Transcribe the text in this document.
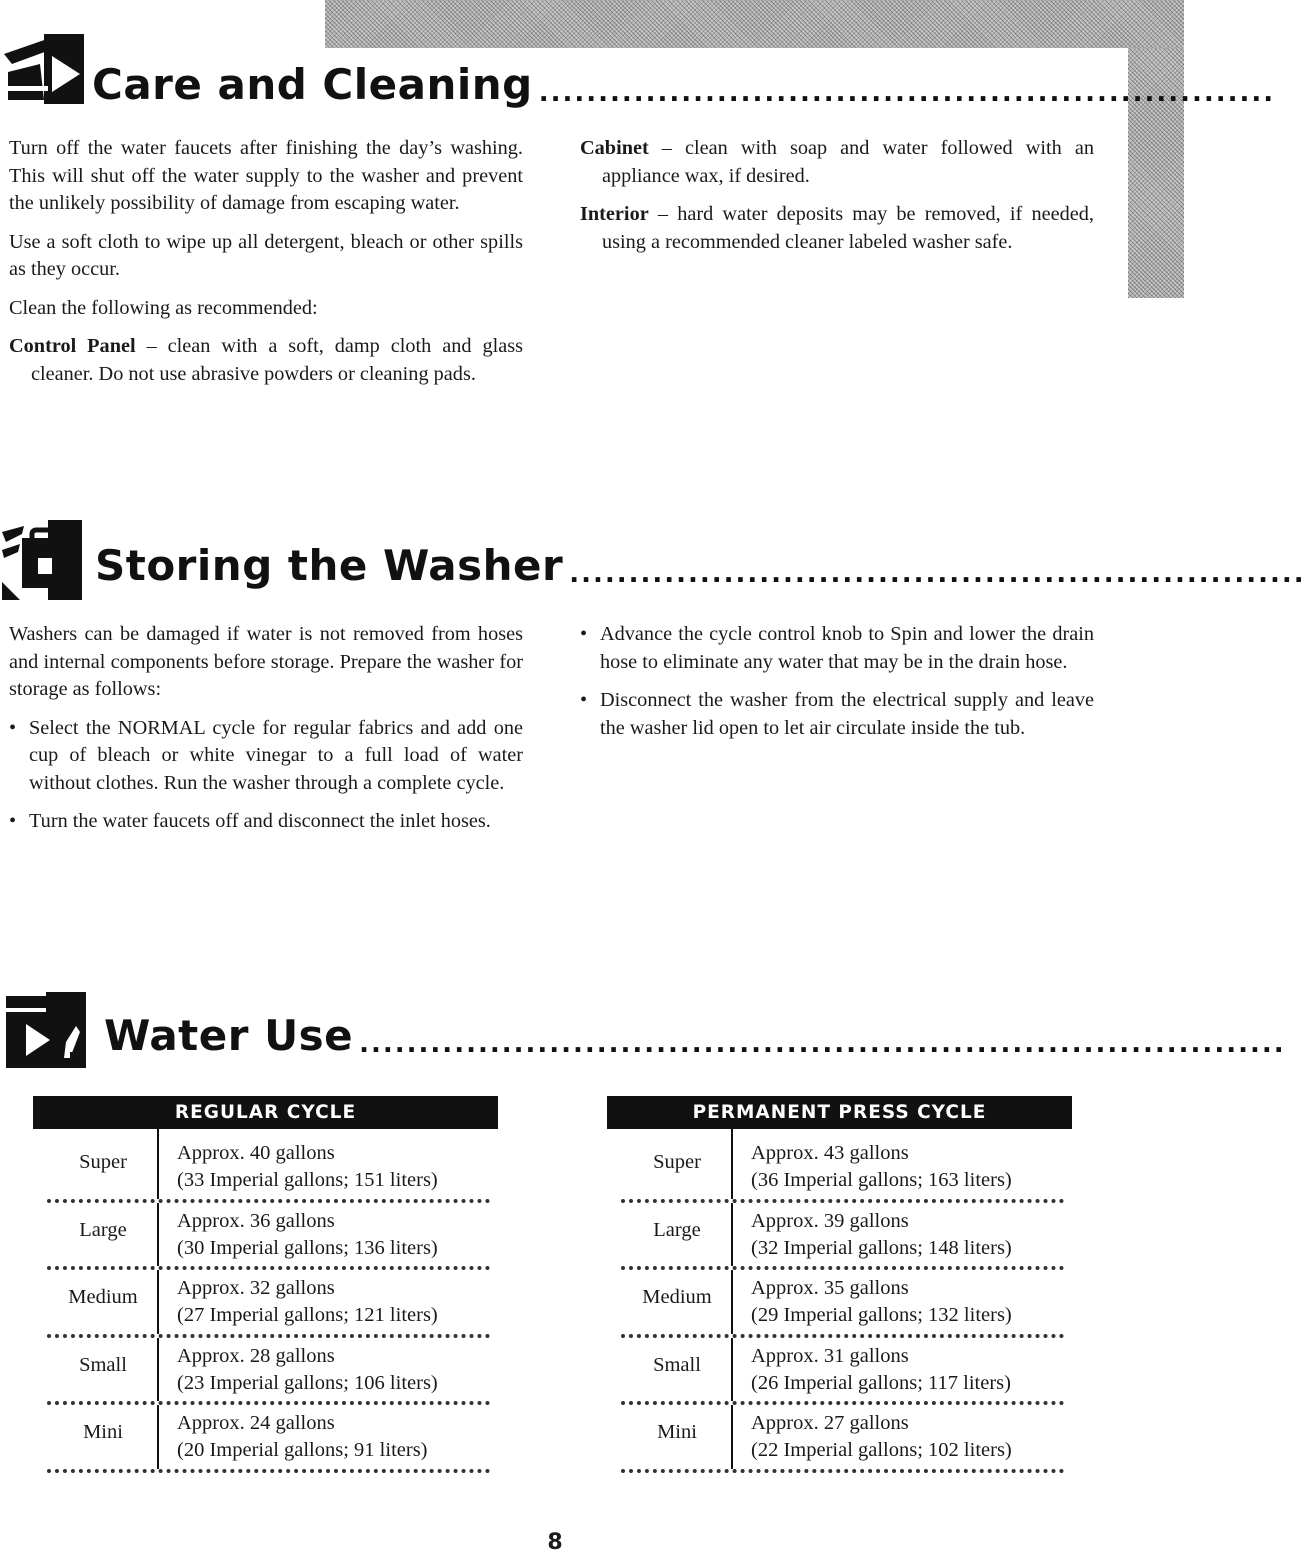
Care and Cleaning ..............................................................

Turn off the water faucets after finishing the day’s washing. This will shut off the water supply to the washer and prevent the unlikely possibility of damage from escaping water.

Use a soft cloth to wipe up all detergent, bleach or other spills as they occur.

Clean the following as recommended:

Control Panel – clean with a soft, damp cloth and glass cleaner. Do not use abrasive powders or cleaning pads.

Cabinet – clean with soap and water followed with an appliance wax, if desired.

Interior – hard water deposits may be removed, if needed, using a recommended cleaner labeled washer safe.

Storing the Washer ..............................................................

Washers can be damaged if water is not removed from hoses and internal components before storage. Prepare the washer for storage as follows:

• Select the NORMAL cycle for regular fabrics and add one cup of bleach or white vinegar to a full load of water without clothes. Run the washer through a complete cycle.

• Turn the water faucets off and disconnect the inlet hoses.

• Advance the cycle control knob to Spin and lower the drain hose to eliminate any water that may be in the drain hose.

• Disconnect the washer from the electrical supply and leave the washer lid open to let air circulate inside the tub.

Water Use ..............................................................................
REGULAR CYCLE
Super	Approx. 40 gallons
(33 Imperial gallons; 151 liters)
Large	Approx. 36 gallons
(30 Imperial gallons; 136 liters)
Medium	Approx. 32 gallons
(27 Imperial gallons; 121 liters)
Small	Approx. 28 gallons
(23 Imperial gallons; 106 liters)
Mini	Approx. 24 gallons
(20 Imperial gallons; 91 liters)
PERMANENT PRESS CYCLE
Super	Approx. 43 gallons
(36 Imperial gallons; 163 liters)
Large	Approx. 39 gallons
(32 Imperial gallons; 148 liters)
Medium	Approx. 35 gallons
(29 Imperial gallons; 132 liters)
Small	Approx. 31 gallons
(26 Imperial gallons; 117 liters)
Mini	Approx. 27 gallons
(22 Imperial gallons; 102 liters)
8
